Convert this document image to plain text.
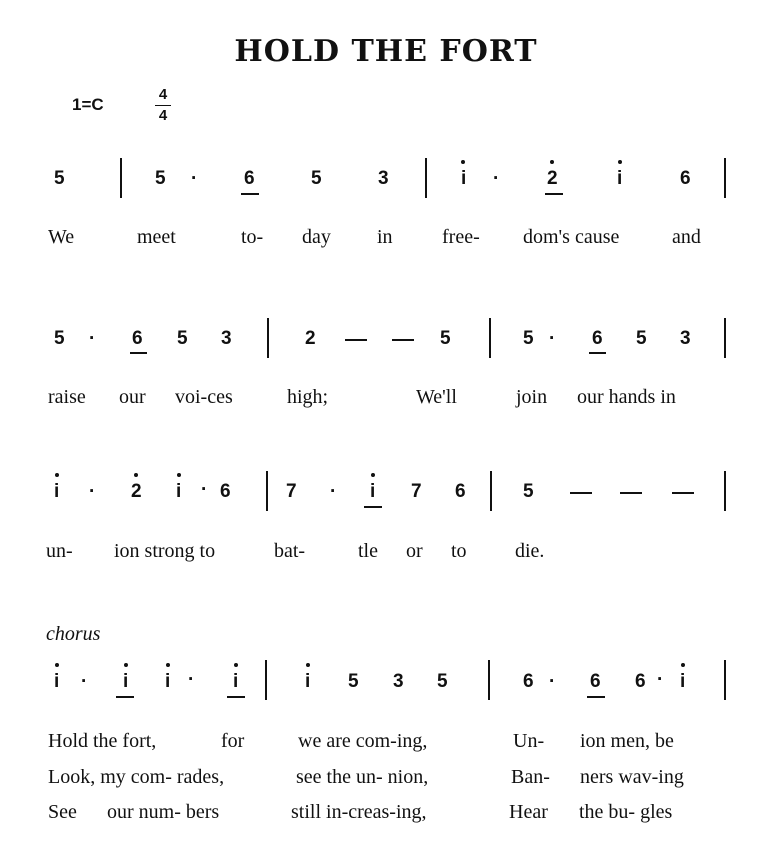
HOLD THE FORT
1=C
4
4
5	5 · 6	5	3	i ·	2	i	6
We	meet	to- day in free- dom's cause	and
5 · 6 5 3	2	5	5 · 6 5 3
raise our voi-ces	high;	We'll	join our hands in
i · 2 i · 6	7 · i 7 6	5
un- ion strong to	bat-	tle or to die.
chorus
i · i i · i	i 5 3 5	6 · 6 6 · i
Hold the fort,	for	we are com-ing,	Un- ion men, be
Look, my com- rades,	see the un- nion,	Ban- ners wav-ing
See our num- bers	still in-creas-ing,	Hear the bu- gles
